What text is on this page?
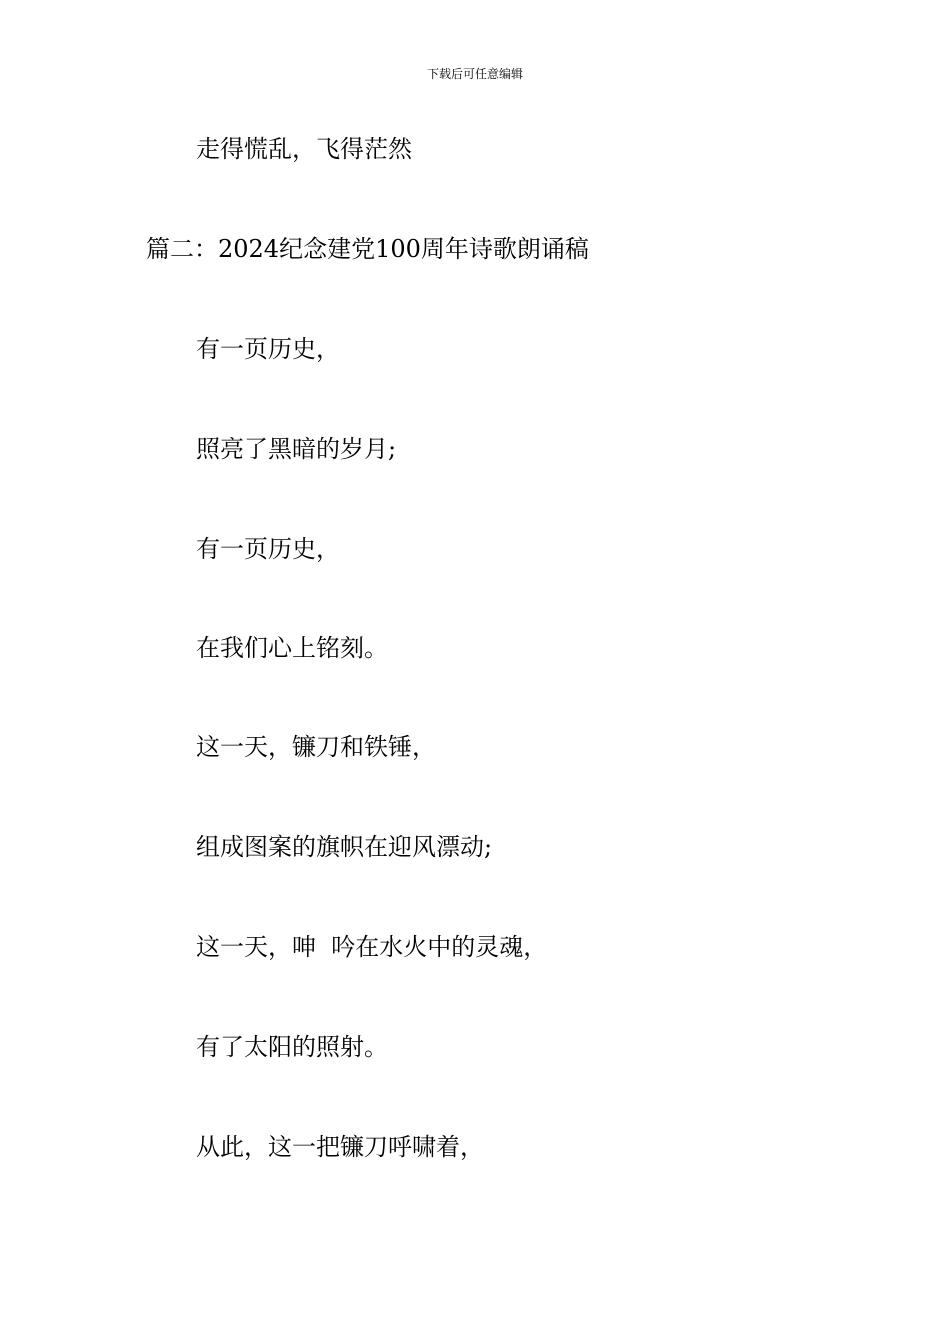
下载后可任意编辑
走得慌乱，飞得茫然
篇二：2024纪念建党100周年诗歌朗诵稿
有一页历史，
照亮了黑暗的岁月;
有一页历史，
在我们心上铭刻。
这一天，镰刀和铁锤，
组成图案的旗帜在迎风漂动;
这一天，呻  吟在水火中的灵魂，
有了太阳的照射。
从此，这一把镰刀呼啸着，
